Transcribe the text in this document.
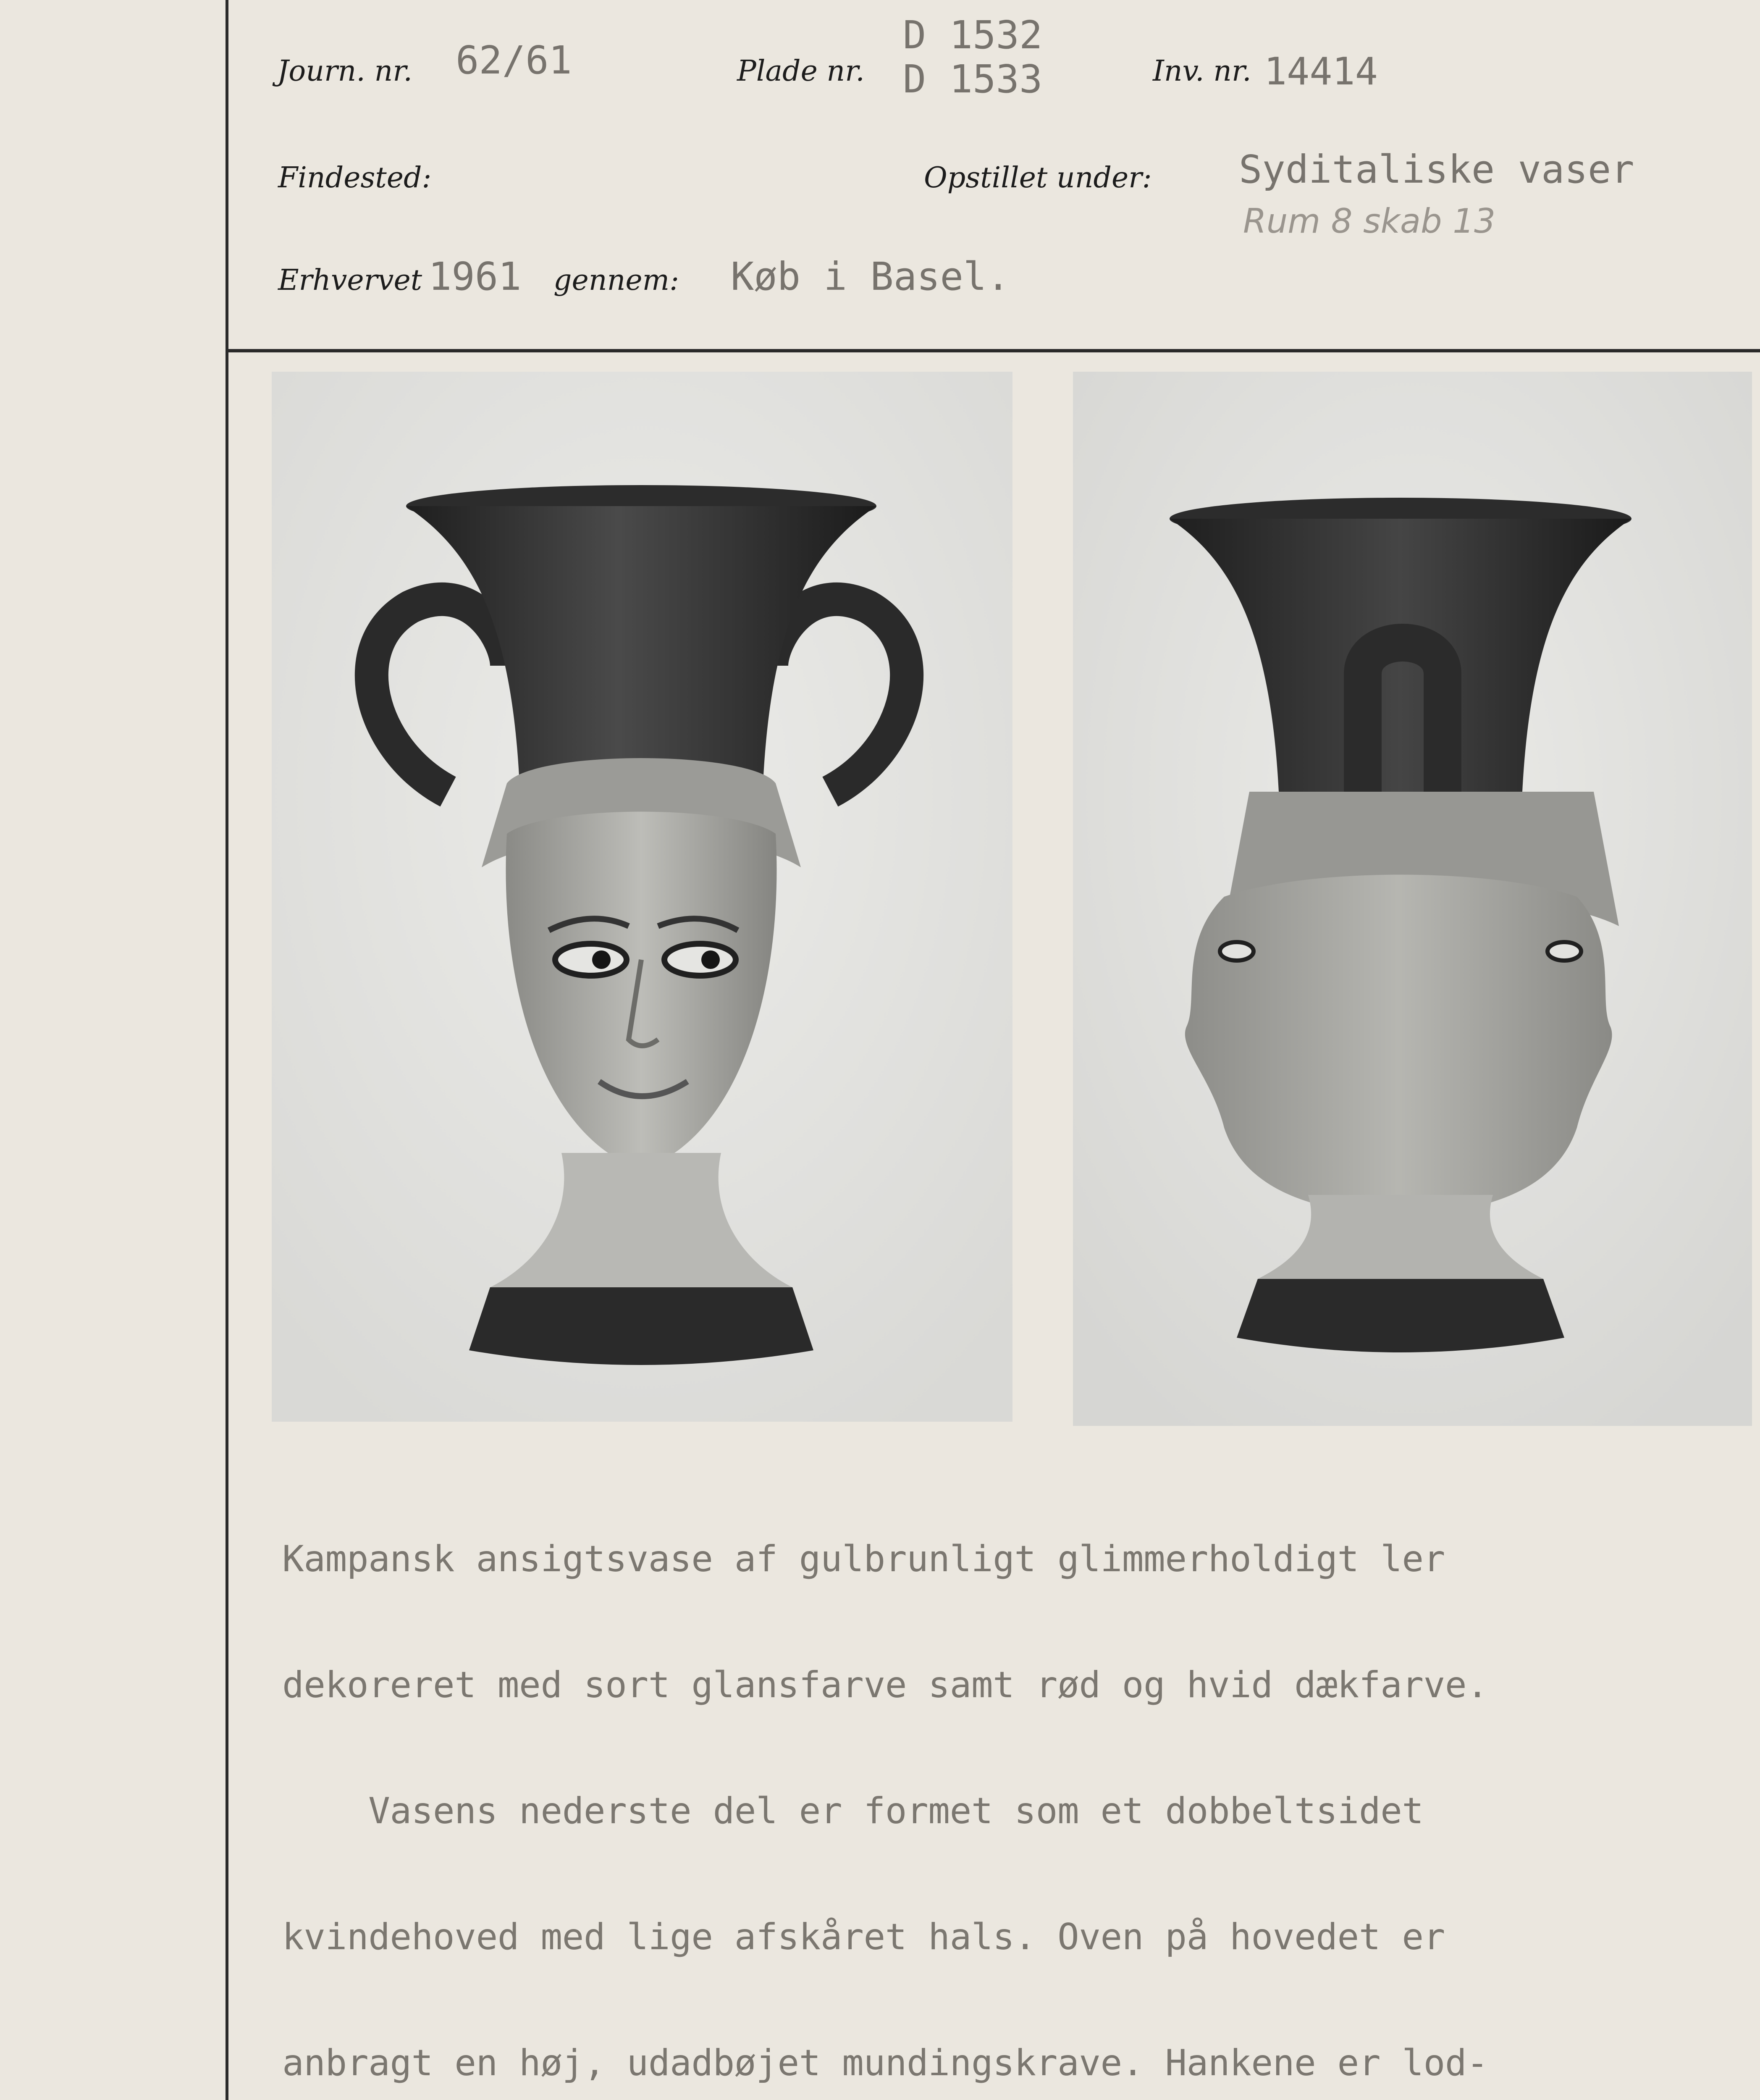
Journ. nr. 62/61	Plade nr.
D 1532
D 1533	Inv. nr. 14414
Findested:	Opstillet under: Syditaliske vaser
Rum 8 skab 13
Erhvervet 1961 gennem: Køb i Basel.

Kampansk ansigtsvase af gulbrunligt glimmerholdigt ler

dekoreret med sort glansfarve samt rød og hvid dækfarve.

Vasens nederste del er formet som et dobbeltsidet

kvindehoved med lige afskåret hals. Oven på hovedet er

anbragt en høj, udadbøjet mundingskrave. Hankene er lod-
